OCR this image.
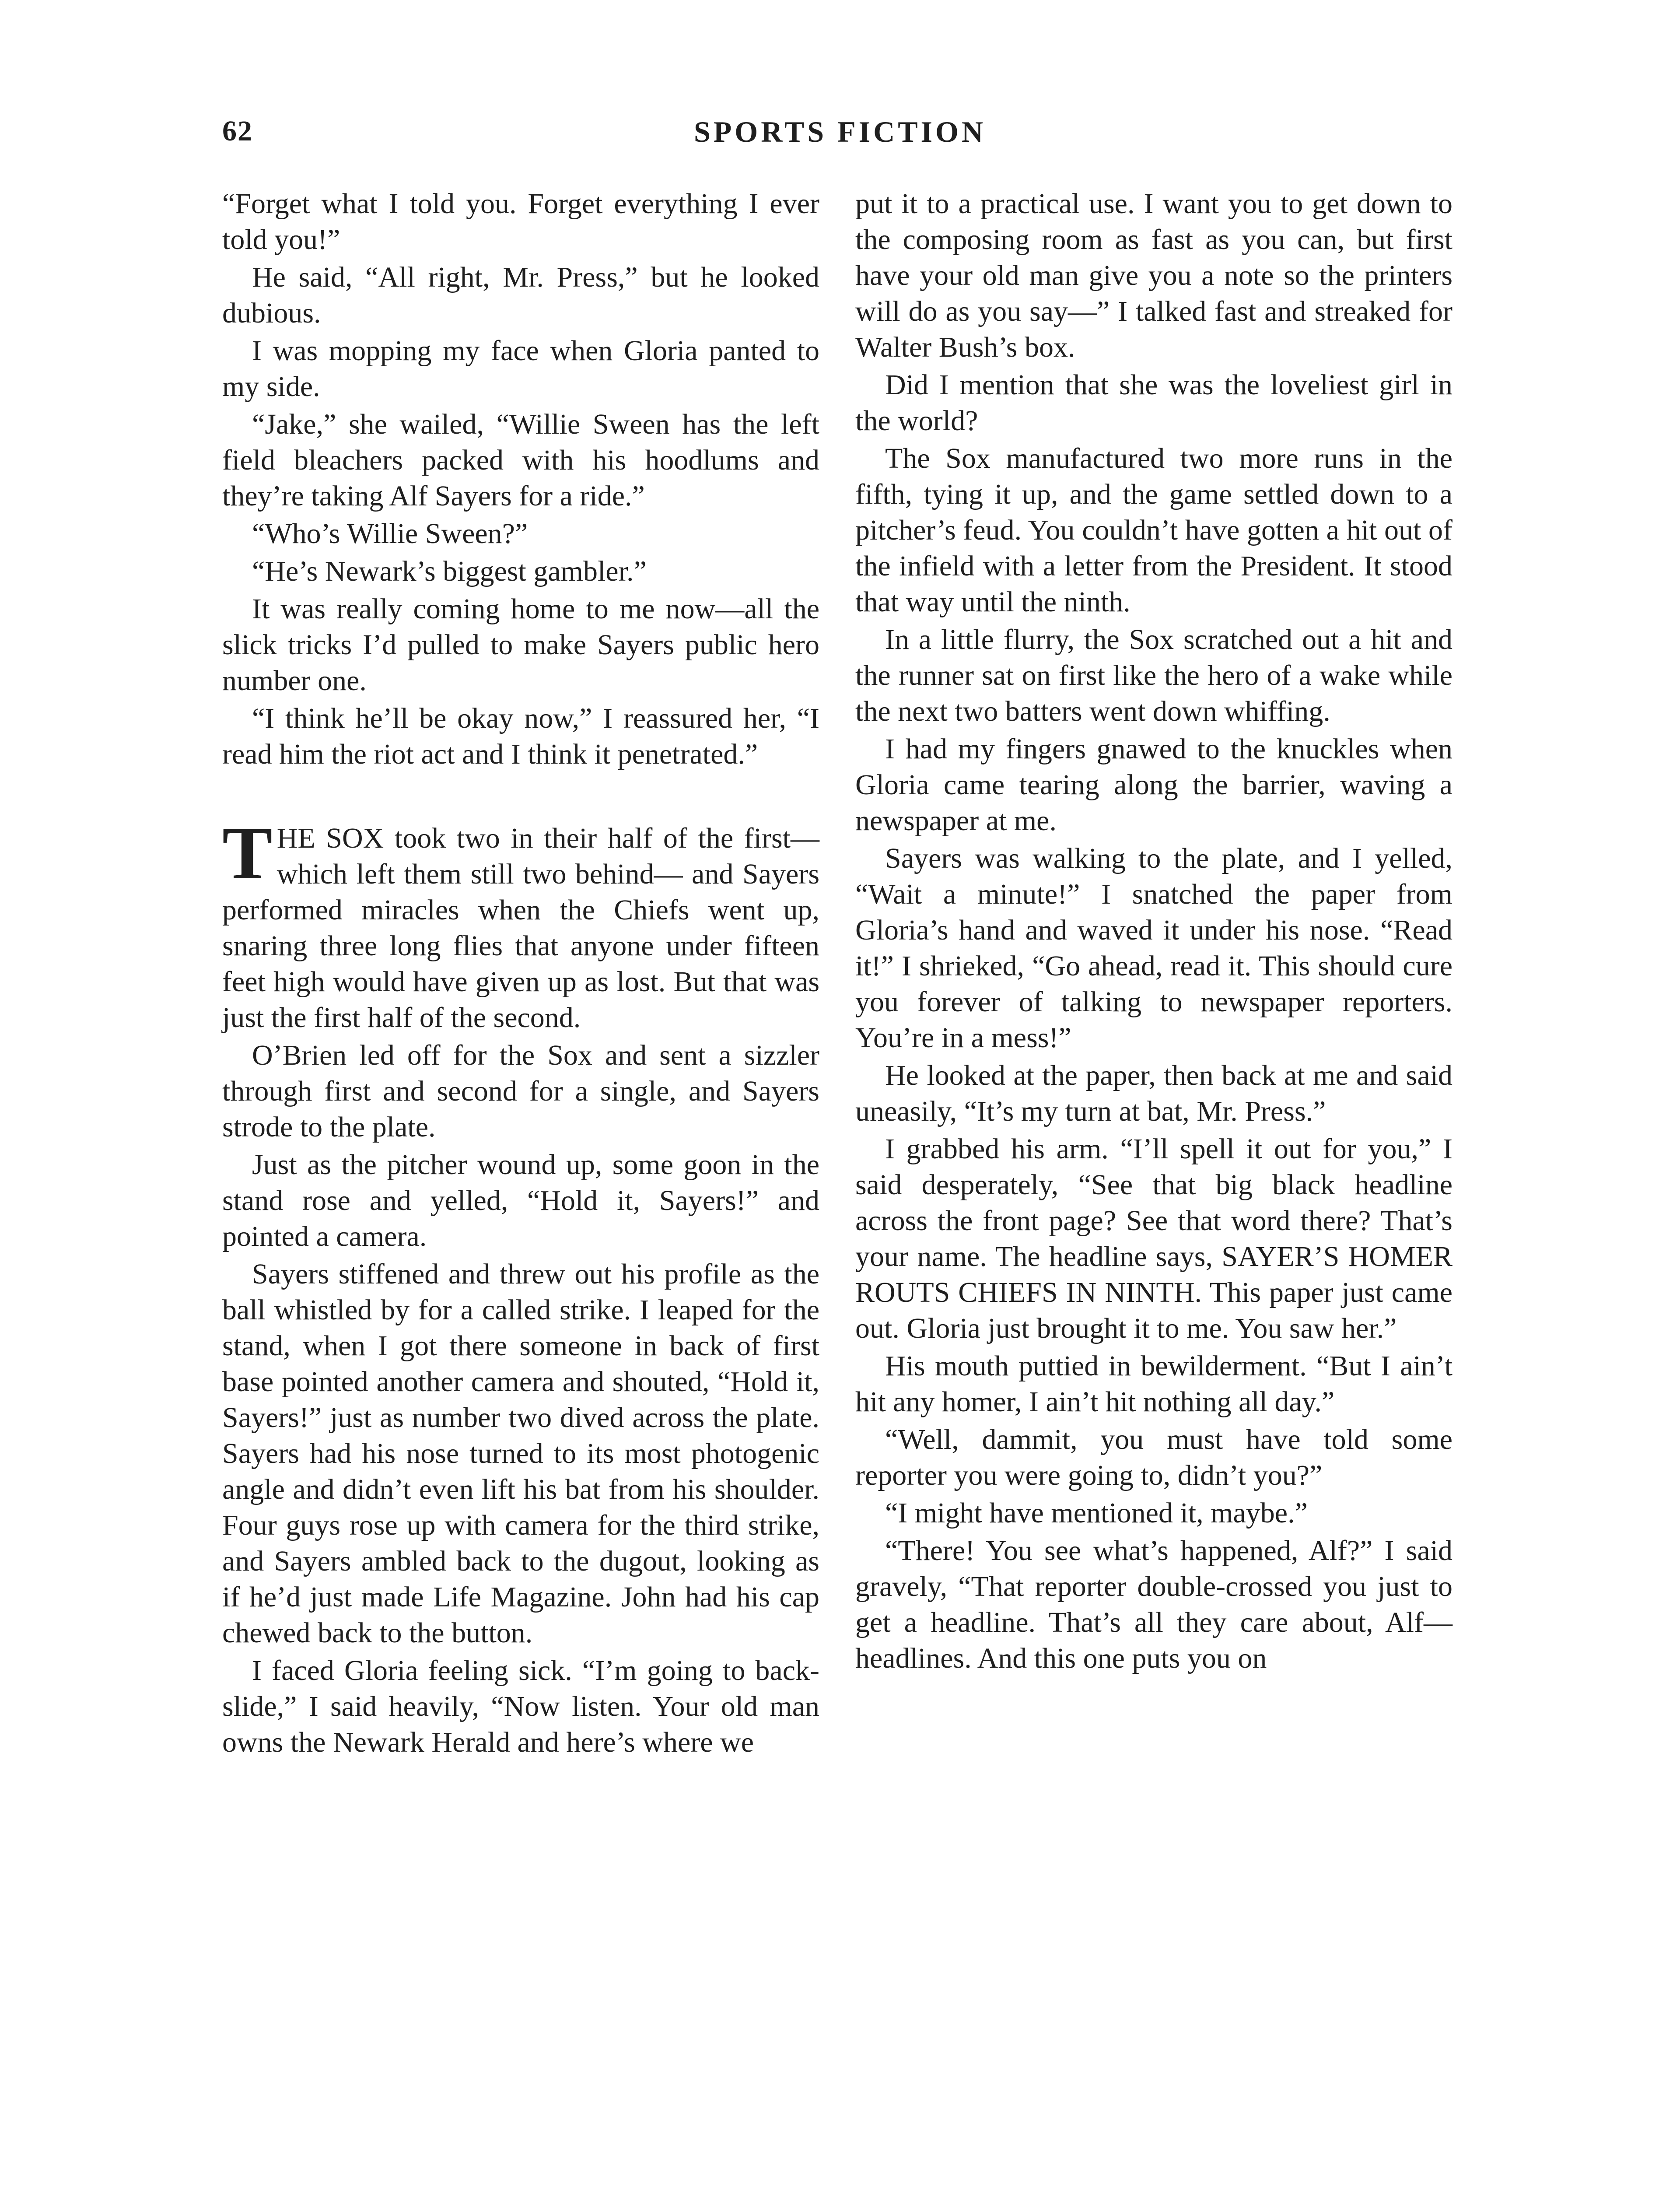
62	SPORTS FICTION

“Forget what I told you. Forget everything I ever told you!”

He said, “All right, Mr. Press,” but he looked dubious.

I was mopping my face when Gloria panted to my side.

“Jake,” she wailed, “Willie Sween has the left field bleachers packed with his hoodlums and they’re taking Alf Sayers for a ride.”

“Who’s Willie Sween?”

“He’s Newark’s biggest gambler.”

It was really coming home to me now—all the slick tricks I’d pulled to make Sayers public hero number one.

“I think he’ll be okay now,” I reassured her, “I read him the riot act and I think it penetrated.”

THE SOX took two in their half of the first—which left them still two behind— and Sayers performed miracles when the Chiefs went up, snaring three long flies that anyone under fifteen feet high would have given up as lost. But that was just the first half of the second.

O’Brien led off for the Sox and sent a sizzler through first and second for a single, and Sayers strode to the plate.

Just as the pitcher wound up, some goon in the stand rose and yelled, “Hold it, Sayers!” and pointed a camera.

Sayers stiffened and threw out his profile as the ball whistled by for a called strike. I leaped for the stand, when I got there someone in back of first base pointed another camera and shouted, “Hold it, Sayers!” just as number two dived across the plate. Sayers had his nose turned to its most photogenic angle and didn’t even lift his bat from his shoulder. Four guys rose up with camera for the third strike, and Sayers ambled back to the dugout, looking as if he’d just made Life Magazine. John had his cap chewed back to the button.

I faced Gloria feeling sick. “I’m going to back-slide,” I said heavily, “Now listen. Your old man owns the Newark Herald and here’s where we

put it to a practical use. I want you to get down to the composing room as fast as you can, but first have your old man give you a note so the printers will do as you say—” I talked fast and streaked for Walter Bush’s box.

Did I mention that she was the loveliest girl in the world?

The Sox manufactured two more runs in the fifth, tying it up, and the game settled down to a pitcher’s feud. You couldn’t have gotten a hit out of the infield with a letter from the President. It stood that way until the ninth.

In a little flurry, the Sox scratched out a hit and the runner sat on first like the hero of a wake while the next two batters went down whiffing.

I had my fingers gnawed to the knuckles when Gloria came tearing along the barrier, waving a newspaper at me.

Sayers was walking to the plate, and I yelled, “Wait a minute!” I snatched the paper from Gloria’s hand and waved it under his nose. “Read it!” I shrieked, “Go ahead, read it. This should cure you forever of talking to newspaper reporters. You’re in a mess!”

He looked at the paper, then back at me and said uneasily, “It’s my turn at bat, Mr. Press.”

I grabbed his arm. “I’ll spell it out for you,” I said desperately, “See that big black headline across the front page? See that word there? That’s your name. The headline says, SAYER’S HOMER ROUTS CHIEFS IN NINTH. This paper just came out. Gloria just brought it to me. You saw her.”

His mouth puttied in bewilderment. “But I ain’t hit any homer, I ain’t hit nothing all day.”

“Well, dammit, you must have told some reporter you were going to, didn’t you?”

“I might have mentioned it, maybe.”

“There! You see what’s happened, Alf?” I said gravely, “That reporter double-crossed you just to get a headline. That’s all they care about, Alf—headlines. And this one puts you on
